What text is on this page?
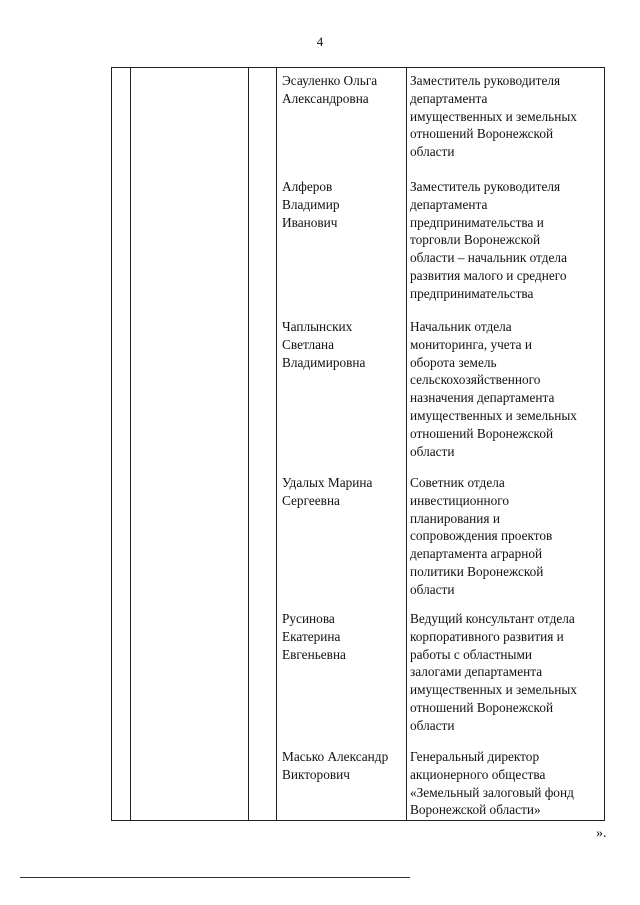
4
Эсауленко Ольга
Александровна
Заместитель руководителя
департамента
имущественных и земельных
отношений Воронежской
области
Алферов
Владимир
Иванович
Заместитель руководителя
департамента
предпринимательства и
торговли Воронежской
области – начальник отдела
развития малого и среднего
предпринимательства
Чаплынских
Светлана
Владимировна
Начальник отдела
мониторинга, учета и
оборота земель
сельскохозяйственного
назначения департамента
имущественных и земельных
отношений Воронежской
области
Удалых Марина
Сергеевна
Советник отдела
инвестиционного
планирования и
сопровождения проектов
департамента аграрной
политики Воронежской
области
Русинова
Екатерина
Евгеньевна
Ведущий консультант отдела
корпоративного развития и
работы с областными
залогами департамента
имущественных и земельных
отношений Воронежской
области
Масько Александр
Викторович
Генеральный директор
акционерного общества
«Земельный залоговый фонд
Воронежской области»
».
